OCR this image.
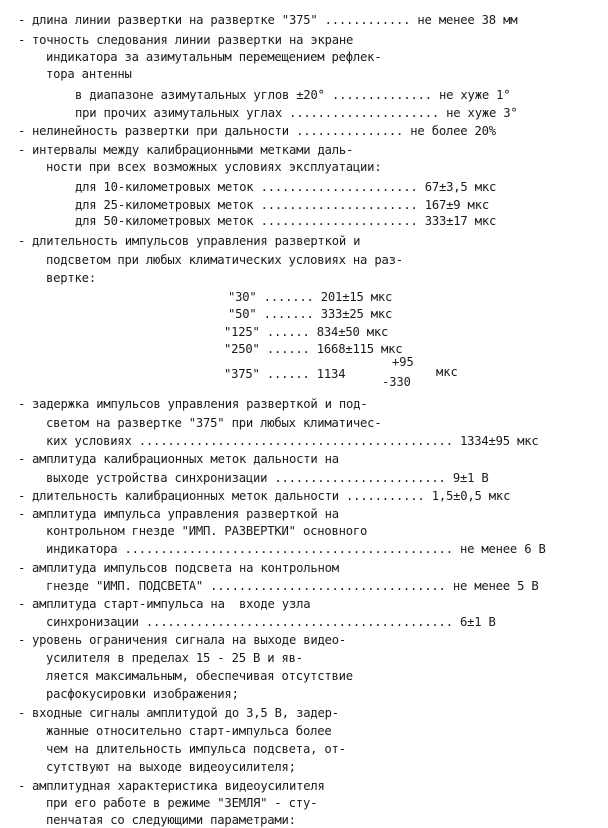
длина линии развертки на развертке "375" ............ не менее 38 мм
точность следования линии развертки на экране
индикатора за азимутальным перемещением рефлек-
тора антенны
в диапазоне азимутальных углов ±20° .............. не хуже 1°
при прочих азимутальных углах ..................... не хуже 3°
нелинейность развертки при дальности ............... не более 20%
интервалы между калибрационными метками даль-
ности при всех возможных условиях эксплуатации:
для 10-километровых меток ...................... 67±3,5 мкс
для 25-километровых меток ...................... 167±9 мкс
для 50-километровых меток ...................... 333±17 мкс
длительность импульсов управления разверткой и
подсветом при любых климатических условиях на раз-
вертке:
"30" ....... 201±15 мкс
"50" ....... 333±25 мкс
"125" ...... 834±50 мкс
"250" ...... 1668±115 мкс
"375" ...... 1134
задержка импульсов управления разверткой и под-
светом на развертке "375" при любых климатичес-
ких условиях ............................................ 1334±95 мкс
амплитуда калибрационных меток дальности на
выходе устройства синхронизации ........................ 9±1 В
длительность калибрационных меток дальности ........... 1,5±0,5 мкс
амплитуда импульса управления разверткой на
контрольном гнезде "ИМП. РАЗВЕРТКИ" основного
индикатора .............................................. не менее 6 В
амплитуда импульсов подсвета на контрольном
гнезде "ИМП. ПОДСВЕТА" ................................. не менее 5 В
амплитуда старт-импульса на  входе узла
синхронизации ........................................... 6±1 В
уровень ограничения сигнала на выходе видео-
усилителя в пределах 15 - 25 В и яв-
ляется максимальным, обеспечивая отсутствие
расфокусировки изображения;
входные сигналы амплитудой до 3,5 В, задер-
жанные относительно старт-импульса более
чем на длительность импульса подсвета, от-
сутствуют на выходе видеоусилителя;
амплитудная характеристика видеоусилителя
при его работе в режиме "ЗЕМЛЯ" - сту-
пенчатая со следующими параметрами:
+95
-330
мкс
-
-
-
-
-
-
-
-
-
-
-
-
-
-
